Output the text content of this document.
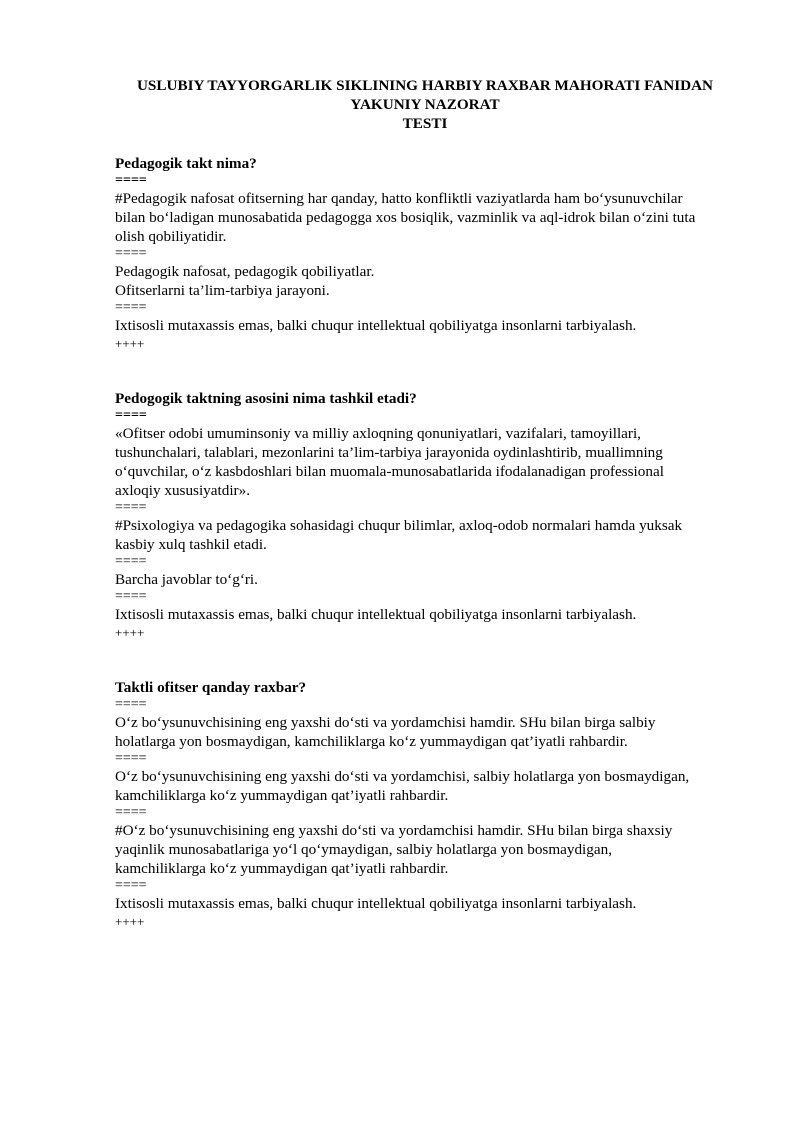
USLUBIY TAYYORGARLIK SIKLINING HARBIY RAXBAR MAHORATI FANIDAN
YAKUNIY NAZORAT
TESTI
Pedagogik takt nima?
====
#Pedagogik nafosat ofitserning har qanday, hatto konfliktli vaziyatlarda ham bo‘ysunuvchilar
bilan bo‘ladigan munosabatida pedagogga xos bosiqlik, vazminlik va aql-idrok bilan o‘zini tuta
olish qobiliyatidir.
====
Pedagogik nafosat, pedagogik qobiliyatlar.
Ofitserlarni ta’lim-tarbiya jarayoni.
====
Ixtisosli mutaxassis emas, balki chuqur intellektual qobiliyatga insonlarni tarbiyalash.
++++
Pedogogik taktning asosini nima tashkil etadi?
====
«Ofitser odobi umuminsoniy va milliy axloqning qonuniyatlari, vazifalari, tamoyillari,
tushunchalari, talablari, mezonlarini ta’lim-tarbiya jarayonida oydinlashtirib, muallimning
o‘quvchilar, o‘z kasbdoshlari bilan muomala-munosabatlarida ifodalanadigan professional
axloqiy xususiyatdir».
====
#Psixologiya va pedagogika sohasidagi chuqur bilimlar, axloq-odob normalari hamda yuksak
kasbiy xulq tashkil etadi.
====
Barcha javoblar to‘g‘ri.
====
Ixtisosli mutaxassis emas, balki chuqur intellektual qobiliyatga insonlarni tarbiyalash.
++++
Taktli ofitser qanday raxbar?
====
O‘z bo‘ysunuvchisining eng yaxshi do‘sti va yordamchisi hamdir. SHu bilan birga salbiy
holatlarga yon bosmaydigan, kamchiliklarga ko‘z yummaydigan qat’iyatli rahbardir.
====
O‘z bo‘ysunuvchisining eng yaxshi do‘sti va yordamchisi, salbiy holatlarga yon bosmaydigan,
kamchiliklarga ko‘z yummaydigan qat’iyatli rahbardir.
====
#O‘z bo‘ysunuvchisining eng yaxshi do‘sti va yordamchisi hamdir. SHu bilan birga shaxsiy
yaqinlik munosabatlariga yo‘l qo‘ymaydigan, salbiy holatlarga yon bosmaydigan,
kamchiliklarga ko‘z yummaydigan qat’iyatli rahbardir.
====
Ixtisosli mutaxassis emas, balki chuqur intellektual qobiliyatga insonlarni tarbiyalash.
++++
